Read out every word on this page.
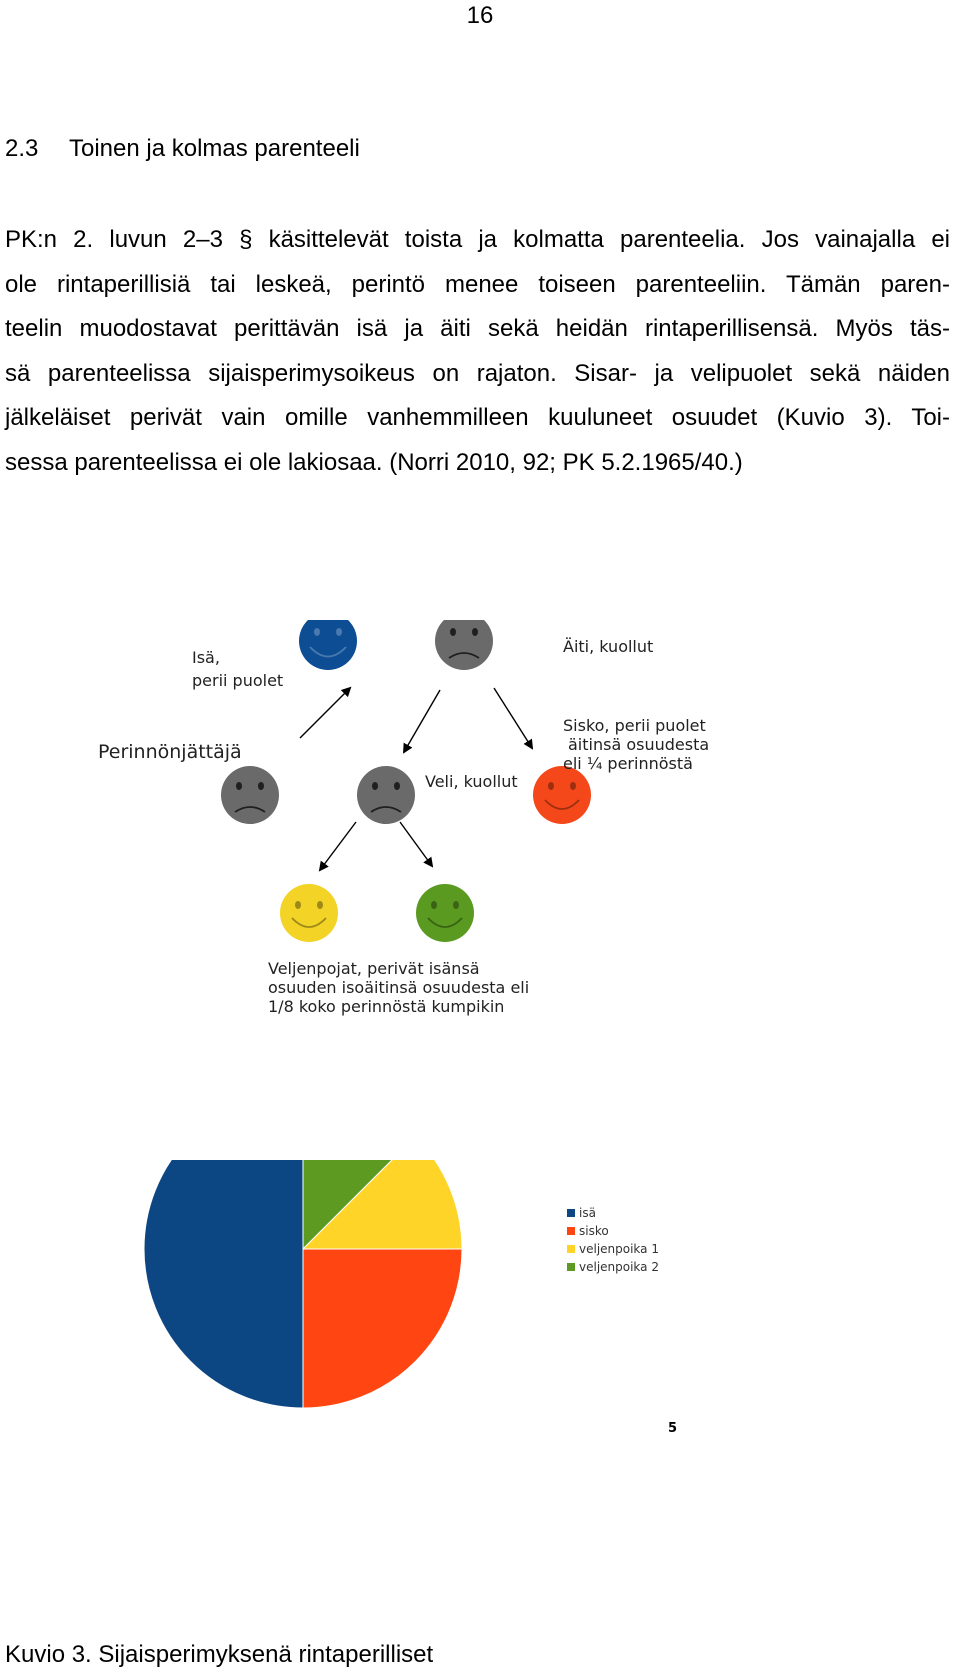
16
2.3 Toinen ja kolmas parenteeli
PK:n 2. luvun 2–3 § käsittelevät toista ja kolmatta parenteelia. Jos vainajalla ei
ole rintaperillisiä tai leskeä, perintö menee toiseen parenteeliin. Tämän paren-
teelin muodostavat perittävän isä ja äiti sekä heidän rintaperillisensä. Myös täs-
sä parenteelissa sijaisperimysoikeus on rajaton. Sisar- ja velipuolet sekä näiden
jälkeläiset perivät vain omille vanhemmilleen kuuluneet osuudet (Kuvio 3). Toi-
sessa parenteelissa ei ole lakiosaa. (Norri 2010, 92; PK 5.2.1965/40.)
Isä,
perii puolet
Äiti, kuollut
Perinnönjättäjä
Veli, kuollut
Sisko, perii puolet
äitinsä osuudesta
eli ¼ perinnöstä
Veljenpojat, perivät isänsä
osuuden isoäitinsä osuudesta eli
1/8 koko perinnöstä kumpikin
isä
sisko
veljenpoika 1
veljenpoika 2
5
Kuvio 3. Sijaisperimyksenä rintaperilliset
